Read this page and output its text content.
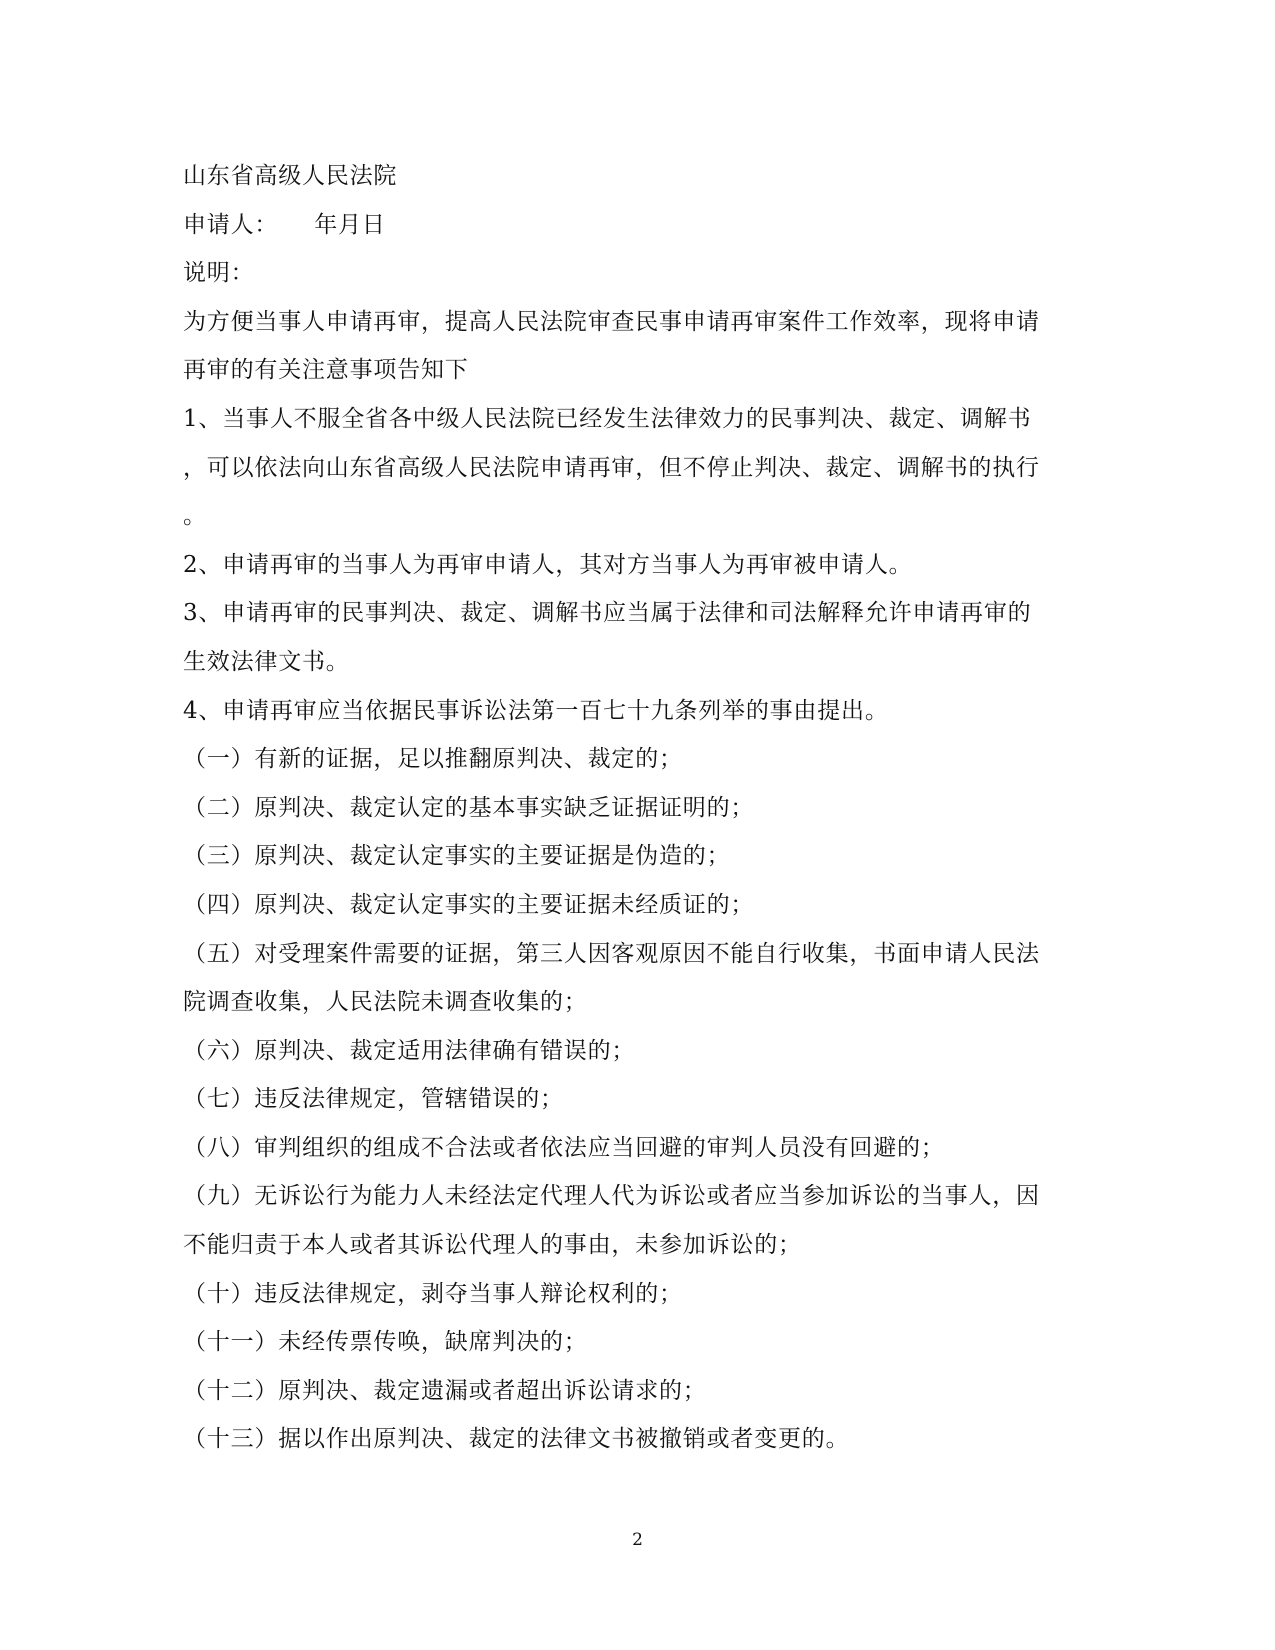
山东省高级人民法院
申请人：　　年月日
说明：
为方便当事人申请再审，提高人民法院审查民事申请再审案件工作效率，现将申请
再审的有关注意事项告知下
1、当事人不服全省各中级人民法院已经发生法律效力的民事判决、裁定、调解书
，可以依法向山东省高级人民法院申请再审，但不停止判决、裁定、调解书的执行
。
2、申请再审的当事人为再审申请人，其对方当事人为再审被申请人。
3、申请再审的民事判决、裁定、调解书应当属于法律和司法解释允许申请再审的
生效法律文书。
4、申请再审应当依据民事诉讼法第一百七十九条列举的事由提出。
（一）有新的证据，足以推翻原判决、裁定的；
（二）原判决、裁定认定的基本事实缺乏证据证明的；
（三）原判决、裁定认定事实的主要证据是伪造的；
（四）原判决、裁定认定事实的主要证据未经质证的；
（五）对受理案件需要的证据，第三人因客观原因不能自行收集，书面申请人民法
院调查收集，人民法院未调查收集的；
（六）原判决、裁定适用法律确有错误的；
（七）违反法律规定，管辖错误的；
（八）审判组织的组成不合法或者依法应当回避的审判人员没有回避的；
（九）无诉讼行为能力人未经法定代理人代为诉讼或者应当参加诉讼的当事人，因
不能归责于本人或者其诉讼代理人的事由，未参加诉讼的；
（十）违反法律规定，剥夺当事人辩论权利的；
（十一）未经传票传唤，缺席判决的；
（十二）原判决、裁定遗漏或者超出诉讼请求的；
（十三）据以作出原判决、裁定的法律文书被撤销或者变更的。
2
